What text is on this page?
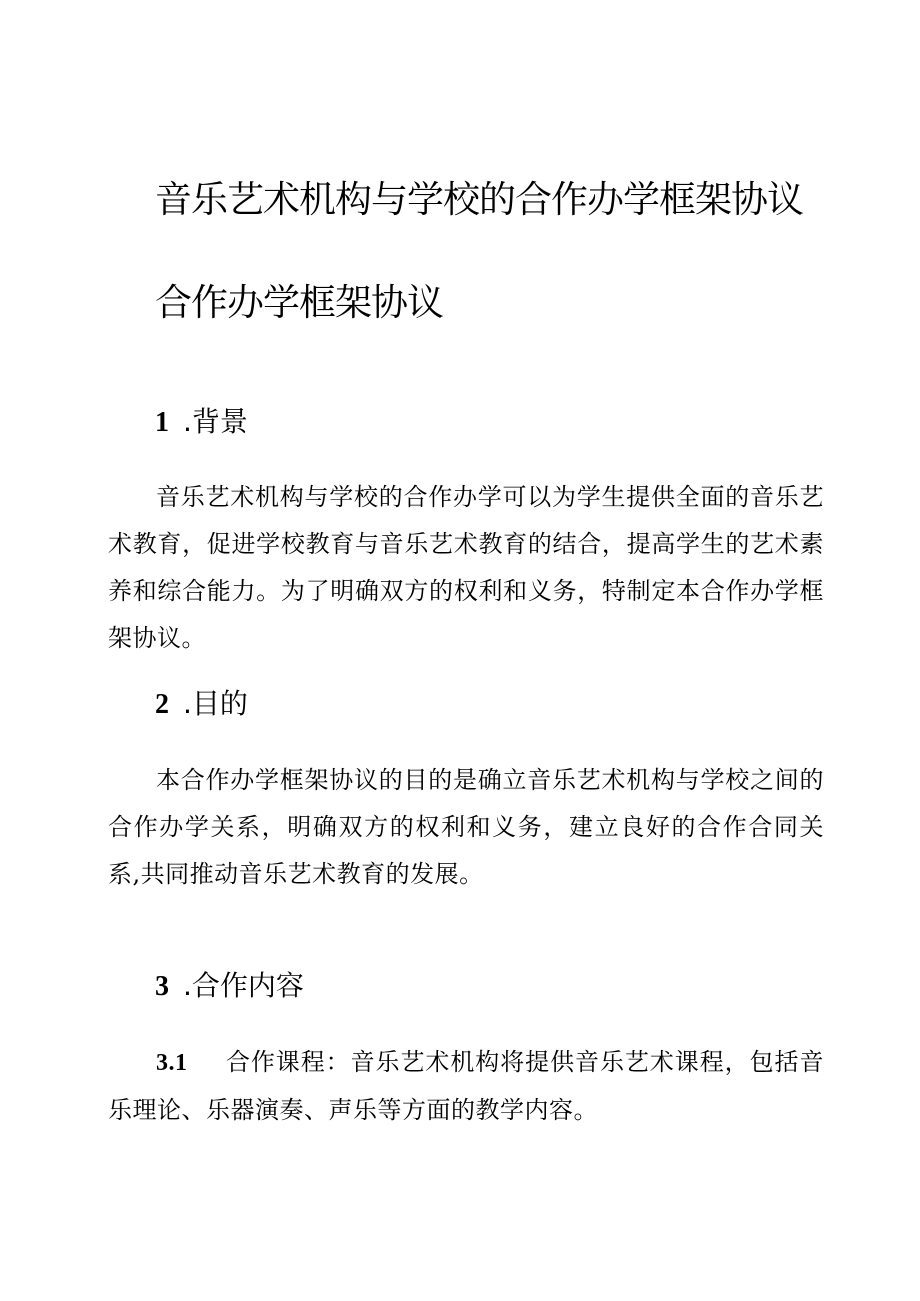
音乐艺术机构与学校的合作办学框架协议
合作办学框架协议
1 .背景
音乐艺术机构与学校的合作办学可以为学生提供全面的音乐艺术教育，促进学校教育与音乐艺术教育的结合，提高学生的艺术素养和综合能力。为了明确双方的权利和义务，特制定本合作办学框架协议。
2 .目的
本合作办学框架协议的目的是确立音乐艺术机构与学校之间的合作办学关系，明确双方的权利和义务，建立良好的合作合同关系,共同推动音乐艺术教育的发展。
3 .合作内容
3.1 合作课程：音乐艺术机构将提供音乐艺术课程，包括音乐理论、乐器演奏、声乐等方面的教学内容。
